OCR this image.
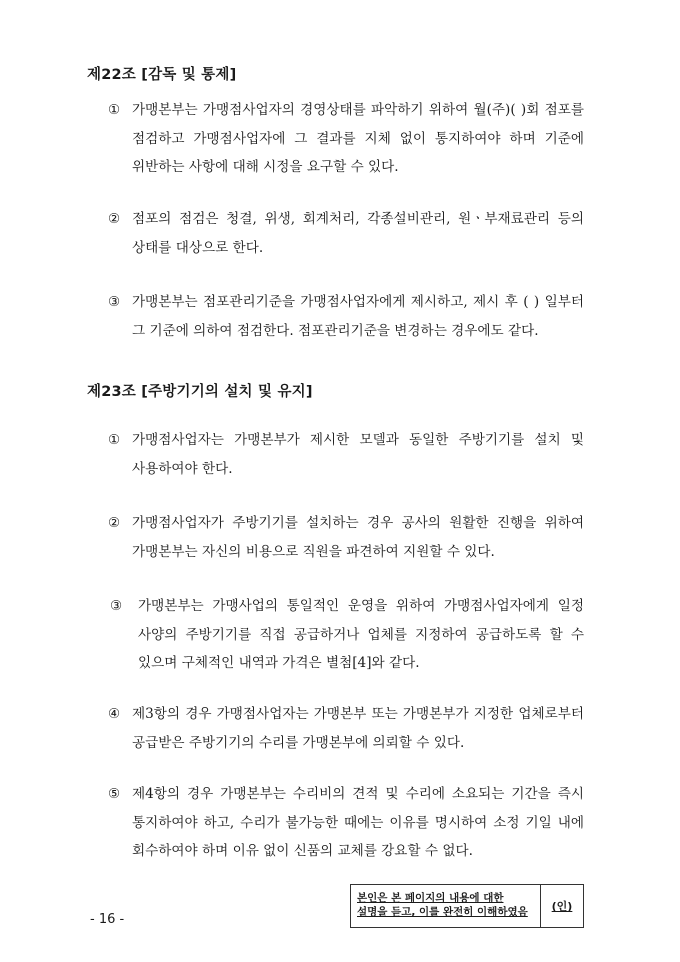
제22조 [감독 및 통제]
① 가맹본부는 가맹점사업자의 경영상태를 파악하기 위하여 월(주)( )회 점포를 점검하고 가맹점사업자에 그 결과를 지체 없이 통지하여야 하며 기준에 위반하는 사항에 대해 시정을 요구할 수 있다.
② 점포의 점검은 청결, 위생, 회계처리, 각종설비관리, 원ㆍ부재료관리 등의 상태를 대상으로 한다.
③ 가맹본부는 점포관리기준을 가맹점사업자에게 제시하고, 제시 후 ( ) 일부터 그 기준에 의하여 점검한다. 점포관리기준을 변경하는 경우에도 같다.
제23조 [주방기기의 설치 및 유지]
① 가맹점사업자는 가맹본부가 제시한 모델과 동일한 주방기기를 설치 및 사용하여야 한다.
② 가맹점사업자가 주방기기를 설치하는 경우 공사의 원활한 진행을 위하여 가맹본부는 자신의 비용으로 직원을 파견하여 지원할 수 있다.
③	가맹본부는 가맹사업의 통일적인 운영을 위하여 가맹점사업자에게 일정 사양의 주방기기를 직접 공급하거나 업체를 지정하여 공급하도록 할 수 있으며 구체적인 내역과 가격은 별첨[4]와 같다.
④ 제3항의 경우 가맹점사업자는 가맹본부 또는 가맹본부가 지정한 업체로부터 공급받은 주방기기의 수리를 가맹본부에 의뢰할 수 있다.
⑤ 제4항의 경우 가맹본부는 수리비의 견적 및 수리에 소요되는 기간을 즉시 통지하여야 하고, 수리가 불가능한 때에는 이유를 명시하여 소정 기일 내에 회수하여야 하며 이유 없이 신품의 교체를 강요할 수 없다.
- 16 -
본인은 본 페이지의 내용에 대한
설명을 듣고, 이를 완전히 이해하였음	(인)
